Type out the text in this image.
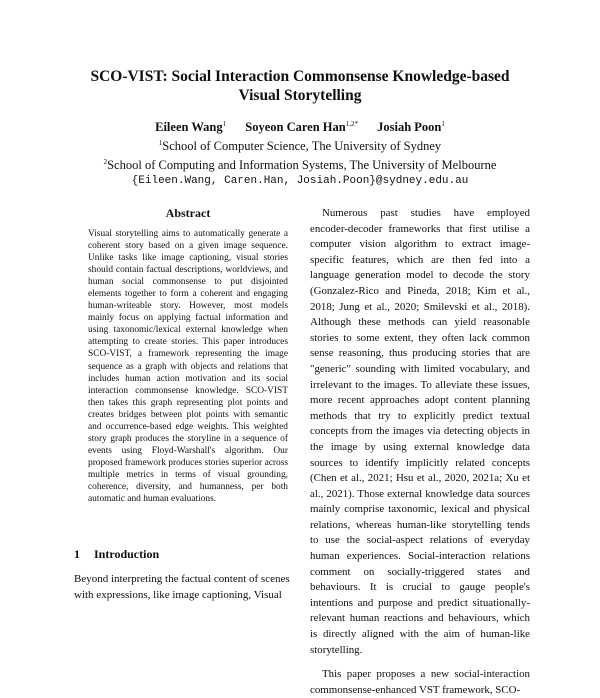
SCO-VIST: Social Interaction Commonsense Knowledge-based
Visual Storytelling
Eileen Wang$^1$ Soyeon Caren Han$^{1,2*}$ Josiah Poon$^1$
$^1$School of Computer Science, The University of Sydney
$^2$School of Computing and Information Systems, The University of Melbourne
{Eileen.Wang, Caren.Han, Josiah.Poon}@sydney.edu.au
Abstract
Visual storytelling aims to automatically generate a coherent story based on a given image sequence. Unlike tasks like image captioning, visual stories should contain factual descriptions, worldviews, and human social commonsense to put disjointed elements together to form a coherent and engaging human-writeable story. However, most models mainly focus on applying factual information and using taxonomic/lexical external knowledge when attempting to create stories. This paper introduces SCO-VIST, a framework representing the image sequence as a graph with objects and relations that includes human action motivation and its social interaction commonsense knowledge. SCO-VIST then takes this graph representing plot points and creates bridges between plot points with semantic and occurrence-based edge weights. This weighted story graph produces the storyline in a sequence of events using Floyd-Warshall's algorithm. Our proposed framework produces stories superior across multiple metrics in terms of visual grounding, coherence, diversity, and humanness, per both automatic and human evaluations.
1 Introduction
Beyond interpreting the factual content of scenes
with expressions, like image captioning, Visual

Numerous past studies have employed encoder-decoder frameworks that first utilise a computer vision algorithm to extract image-specific features, which are then fed into a language generation model to decode the story (Gonzalez-Rico and Pineda, 2018; Kim et al., 2018; Jung et al., 2020; Smilevski et al., 2018). Although these methods can yield reasonable stories to some extent, they often lack common sense reasoning, thus producing stories that are "generic" sounding with limited vocabulary, and irrelevant to the images. To alleviate these issues, more recent approaches adopt content planning methods that try to explicitly predict textual concepts from the images via detecting objects in the image by using external knowledge data sources to identify implicitly related concepts (Chen et al., 2021; Hsu et al., 2020, 2021a; Xu et al., 2021). Those external knowledge data sources mainly comprise taxonomic, lexical and physical relations, whereas human-like storytelling tends to use the social-aspect relations of everyday human experiences. Social-interaction relations comment on socially-triggered states and behaviours. It is crucial to gauge people's intentions and purpose and predict situationally-relevant human reactions and behaviours, which is directly aligned with the aim of human-like storytelling.

This paper proposes a new social-interaction commonsense-enhanced VST framework, SCO-
